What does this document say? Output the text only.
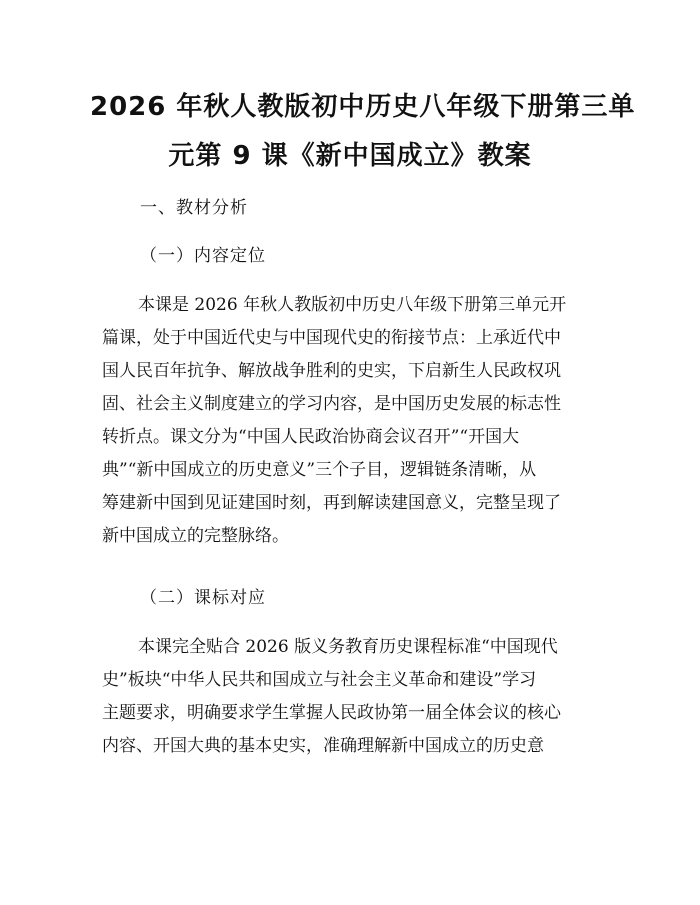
2026 年秋人教版初中历史八年级下册第三单
元第 9 课《新中国成立》教案
一、教材分析
（一）内容定位
本课是 2026 年秋人教版初中历史八年级下册第三单元开
篇课，处于中国近代史与中国现代史的衔接节点：上承近代中
国人民百年抗争、解放战争胜利的史实，下启新生人民政权巩
固、社会主义制度建立的学习内容，是中国历史发展的标志性
转折点。课文分为“中国人民政治协商会议召开”“开国大
典”“新中国成立的历史意义”三个子目，逻辑链条清晰，从
筹建新中国到见证建国时刻，再到解读建国意义，完整呈现了
新中国成立的完整脉络。
（二）课标对应
本课完全贴合 2026 版义务教育历史课程标准“中国现代
史”板块“中华人民共和国成立与社会主义革命和建设”学习
主题要求，明确要求学生掌握人民政协第一届全体会议的核心
内容、开国大典的基本史实，准确理解新中国成立的历史意
